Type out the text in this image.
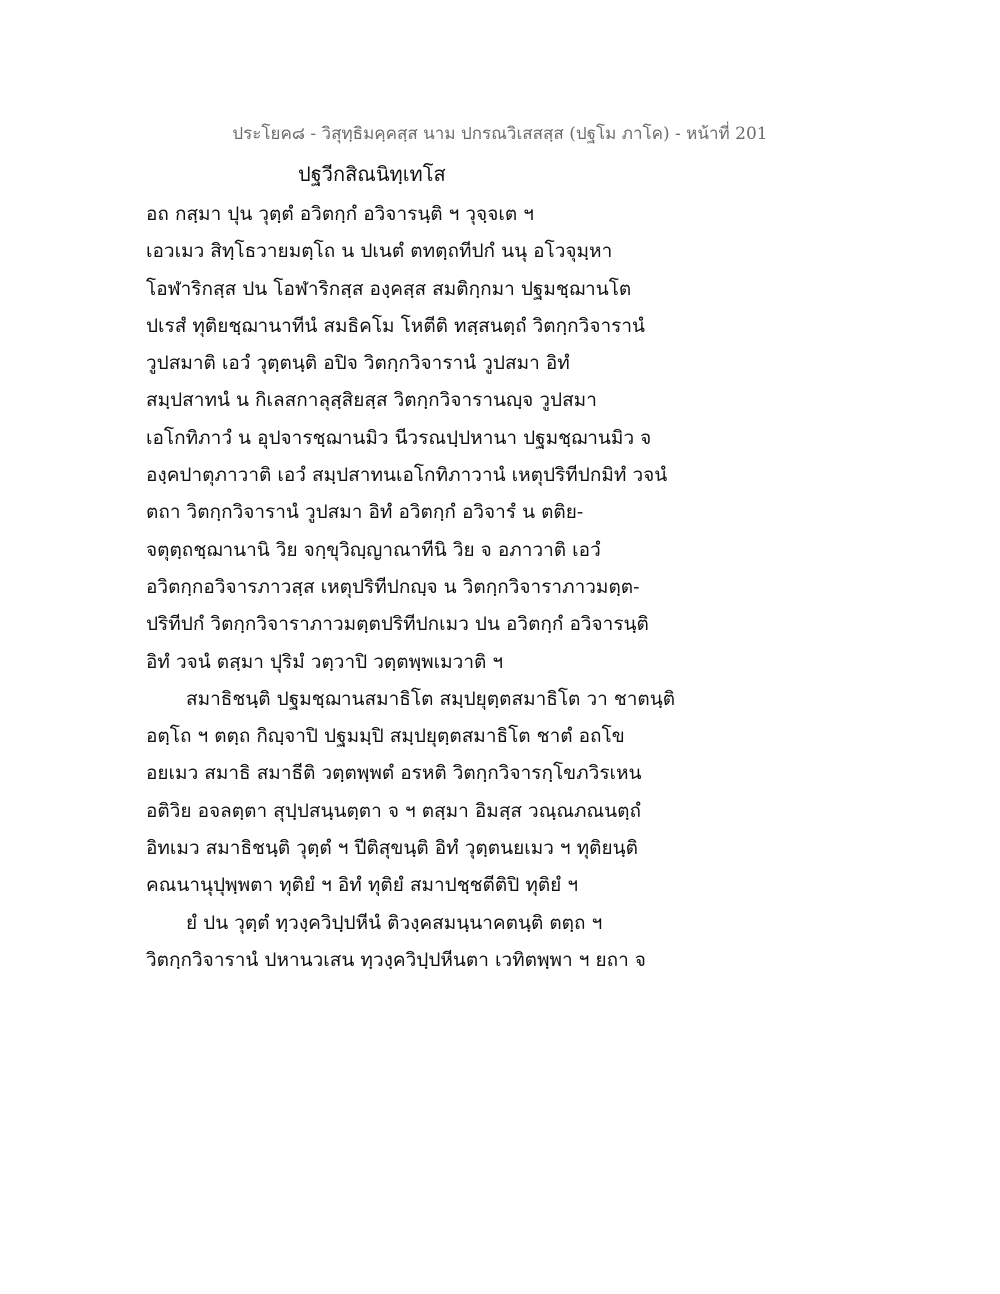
ประโยค๘ - วิสุทฺธิมคฺคสฺส นาม ปกรณวิเสสสฺส (ปฐโม ภาโค) - หน้าที่ 201
ปฐวีกสิณนิทฺเทโส
อถ กสฺมา ปุน วุตฺตํ อวิตกฺกํ อวิจารนฺติ ฯ วุจฺจเต ฯ
เอวเมว สิทฺโธวายมตฺโถ น ปเนตํ ตทตฺถทีปกํ นนุ อโวจุมฺหา
โอฬาริกสฺส ปน โอฬาริกสฺส องฺคสฺส สมติกฺกมา ปฐมชฺฌานโต
ปเรสํ ทุติยชฺฌานาทีนํ สมธิคโม โหตีติ ทสฺสนตฺถํ วิตกฺกวิจารานํ
วูปสมาติ เอวํ วุตฺตนฺติ อปิจ วิตกฺกวิจารานํ วูปสมา อิทํ
สมฺปสาทนํ น กิเลสกาลุสฺสิยสฺส วิตกฺกวิจารานญฺจ วูปสมา
เอโกทิภาวํ น อุปจารชฺฌานมิว นีวรณปฺปหานา ปฐมชฺฌานมิว จ
องฺคปาตุภาวาติ เอวํ สมฺปสาทนเอโกทิภาวานํ เหตุปริทีปกมิทํ วจนํ
ตถา วิตกฺกวิจารานํ วูปสมา อิทํ อวิตกฺกํ อวิจารํ น ตติย-
จตุตฺถชฺฌานานิ วิย จกฺขุวิญฺญาณาทีนิ วิย จ อภาวาติ เอวํ
อวิตกฺกอวิจารภาวสฺส เหตุปริทีปกญฺจ น วิตกฺกวิจาราภาวมตฺต-
ปริทีปกํ วิตกฺกวิจาราภาวมตฺตปริทีปกเมว ปน อวิตกฺกํ อวิจารนฺติ
อิทํ วจนํ ตสฺมา ปุริมํ วตฺวาปิ วตฺตพฺพเมวาติ ฯ
สมาธิชนฺติ ปฐมชฺฌานสมาธิโต สมฺปยุตฺตสมาธิโต วา ชาตนฺติ
อตฺโถ ฯ ตตฺถ กิญฺจาปิ ปฐมมฺปิ สมฺปยุตฺตสมาธิโต ชาตํ อถโข
อยเมว สมาธิ สมาธีติ วตฺตพฺพตํ อรหติ วิตกฺกวิจารกฺโขภวิรเหน
อติวิย อจลตฺตา สุปฺปสนฺนตฺตา จ ฯ ตสฺมา อิมสฺส วณฺณภณนตฺถํ
อิทเมว สมาธิชนฺติ วุตฺตํ ฯ ปีติสุขนฺติ อิทํ วุตฺตนยเมว ฯ ทุติยนฺติ
คณนานุปุพฺพตา ทุติยํ ฯ อิทํ ทุติยํ สมาปชฺชตีติปิ ทุติยํ ฯ
ยํ ปน วุตฺตํ ทฺวงฺควิปฺปหีนํ ติวงฺคสมนฺนาคตนฺติ ตตฺถ ฯ
วิตกฺกวิจารานํ ปหานวเสน ทฺวงฺควิปฺปหีนตา เวทิตพฺพา ฯ ยถา จ
